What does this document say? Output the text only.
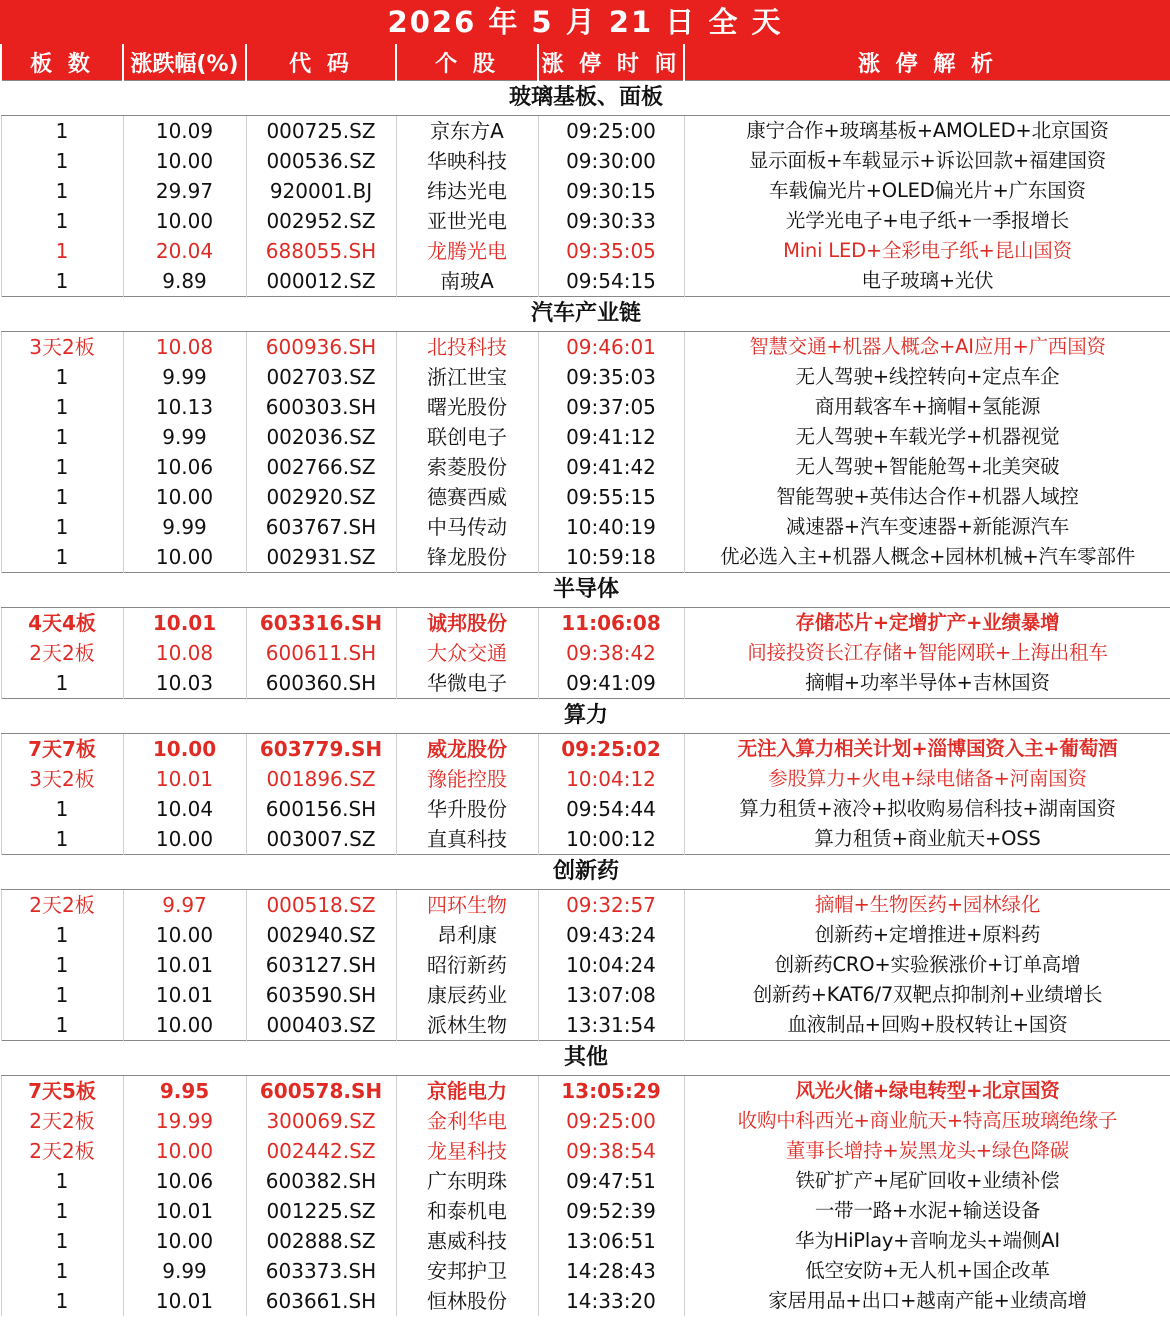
2026 年 5 月 21 日 全 天
板 数	涨跌幅(%)	代 码	个 股	涨 停 时 间	涨 停 解 析
玻璃基板、面板					
1	10.09	000725.SZ	京东方A	09:25:00	康宁合作+玻璃基板+AMOLED+北京国资
1	10.00	000536.SZ	华映科技	09:30:00	显示面板+车载显示+诉讼回款+福建国资
1	29.97	920001.BJ	纬达光电	09:30:15	车载偏光片+OLED偏光片+广东国资
1	10.00	002952.SZ	亚世光电	09:30:33	光学光电子+电子纸+一季报增长
1	20.04	688055.SH	龙腾光电	09:35:05	Mini LED+全彩电子纸+昆山国资
1	9.89	000012.SZ	南玻A	09:54:15	电子玻璃+光伏
汽车产业链					
3天2板	10.08	600936.SH	北投科技	09:46:01	智慧交通+机器人概念+AI应用+广西国资
1	9.99	002703.SZ	浙江世宝	09:35:03	无人驾驶+线控转向+定点车企
1	10.13	600303.SH	曙光股份	09:37:05	商用载客车+摘帽+氢能源
1	9.99	002036.SZ	联创电子	09:41:12	无人驾驶+车载光学+机器视觉
1	10.06	002766.SZ	索菱股份	09:41:42	无人驾驶+智能舱驾+北美突破
1	10.00	002920.SZ	德赛西威	09:55:15	智能驾驶+英伟达合作+机器人域控
1	9.99	603767.SH	中马传动	10:40:19	减速器+汽车变速器+新能源汽车
1	10.00	002931.SZ	锋龙股份	10:59:18	优必选入主+机器人概念+园林机械+汽车零部件
半导体					
4天4板	10.01	603316.SH	诚邦股份	11:06:08	存储芯片+定增扩产+业绩暴增
2天2板	10.08	600611.SH	大众交通	09:38:42	间接投资长江存储+智能网联+上海出租车
1	10.03	600360.SH	华微电子	09:41:09	摘帽+功率半导体+吉林国资
算力					
7天7板	10.00	603779.SH	威龙股份	09:25:02	无注入算力相关计划+淄博国资入主+葡萄酒
3天2板	10.01	001896.SZ	豫能控股	10:04:12	参股算力+火电+绿电储备+河南国资
1	10.04	600156.SH	华升股份	09:54:44	算力租赁+液冷+拟收购易信科技+湖南国资
1	10.00	003007.SZ	直真科技	10:00:12	算力租赁+商业航天+OSS
创新药					
2天2板	9.97	000518.SZ	四环生物	09:32:57	摘帽+生物医药+园林绿化
1	10.00	002940.SZ	昂利康	09:43:24	创新药+定增推进+原料药
1	10.01	603127.SH	昭衍新药	10:04:24	创新药CRO+实验猴涨价+订单高增
1	10.01	603590.SH	康辰药业	13:07:08	创新药+KAT6/7双靶点抑制剂+业绩增长
1	10.00	000403.SZ	派林生物	13:31:54	血液制品+回购+股权转让+国资
其他					
7天5板	9.95	600578.SH	京能电力	13:05:29	风光火储+绿电转型+北京国资
2天2板	19.99	300069.SZ	金利华电	09:25:00	收购中科西光+商业航天+特高压玻璃绝缘子
2天2板	10.00	002442.SZ	龙星科技	09:38:54	董事长增持+炭黑龙头+绿色降碳
1	10.06	600382.SH	广东明珠	09:47:51	铁矿扩产+尾矿回收+业绩补偿
1	10.01	001225.SZ	和泰机电	09:52:39	一带一路+水泥+输送设备
1	10.00	002888.SZ	惠威科技	13:06:51	华为HiPlay+音响龙头+端侧AI
1	9.99	603373.SH	安邦护卫	14:28:43	低空安防+无人机+国企改革
1	10.01	603661.SH	恒林股份	14:33:20	家居用品+出口+越南产能+业绩高增
